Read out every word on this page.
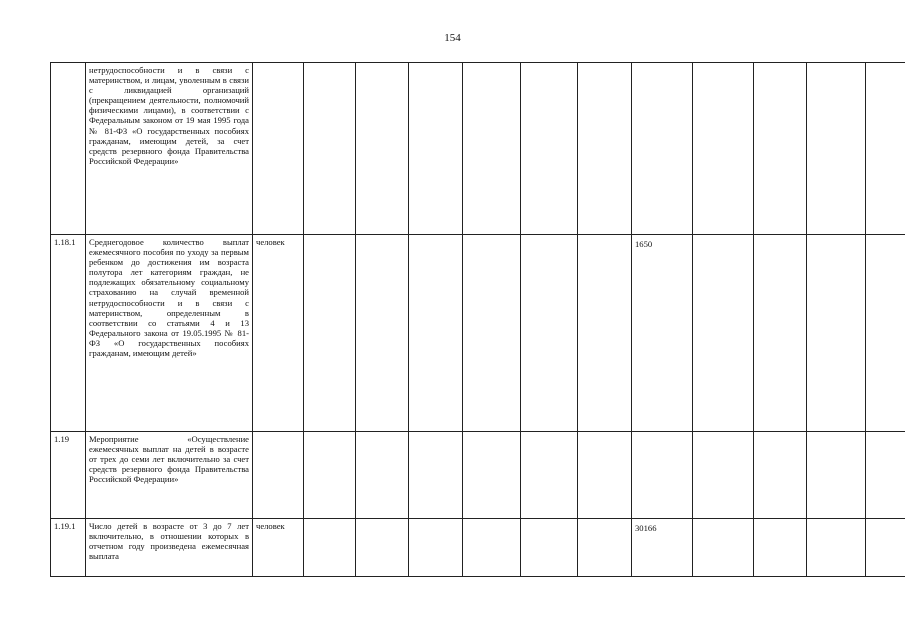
154
	нетрудоспособности и в связи с материнством, и лицам, уволенным в связи с ликвидацией организаций (прекращением деятельности, полномочий физическими лицами), в соответствии с Федеральным законом от 19 мая 1995 года № 81-ФЗ «О государственных пособиях гражданам, имеющим детей, за счет средств резервного фонда Правительства Российской Федерации»												
1.18.1	Среднегодовое количество выплат ежемесячного пособия по уходу за первым ребенком до достижения им возраста полутора лет категориям граждан, не подлежащих обязательному социальному страхованию на случай временной нетрудоспособности и в связи с материнством, определенным в соответствии со статьями 4 и 13 Федерального закона от 19.05.1995 № 81-ФЗ «О государственных пособиях гражданам, имеющим детей»	человек							1650				
1.19	Мероприятие «Осуществление ежемесячных выплат на детей в возрасте от трех до семи лет включительно за счет средств резервного фонда Правительства Российской Федерации»												
1.19.1	Число детей в возрасте от 3 до 7 лет включительно, в отношении которых в отчетном году произведена ежемесячная выплата	человек							30166				
